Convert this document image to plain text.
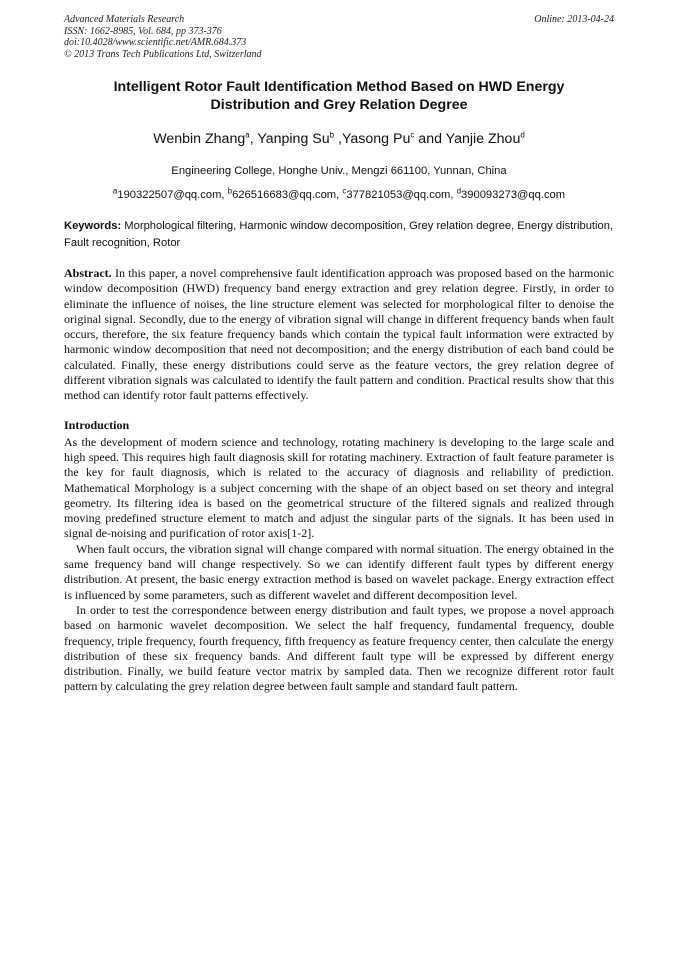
Advanced Materials Research
ISSN: 1662-8985, Vol. 684, pp 373-376
doi:10.4028/www.scientific.net/AMR.684.373
© 2013 Trans Tech Publications Ltd, Switzerland
Online: 2013-04-24
Intelligent Rotor Fault Identification Method Based on HWD Energy
Distribution and Grey Relation Degree
Wenbin Zhang$^a$, Yanping Su$^b$ ,Yasong Pu$^c$ and Yanjie Zhou$^d$
Engineering College, Honghe Univ., Mengzi 661100, Yunnan, China
$^a$190322507@qq.com, $^b$626516683@qq.com, $^c$377821053@qq.com, $^d$390093273@qq.com
Keywords: Morphological filtering, Harmonic window decomposition, Grey relation degree, Energy distribution, Fault recognition, Rotor
Abstract. In this paper, a novel comprehensive fault identification approach was proposed based on the harmonic window decomposition (HWD) frequency band energy extraction and grey relation degree. Firstly, in order to eliminate the influence of noises, the line structure element was selected for morphological filter to denoise the original signal. Secondly, due to the energy of vibration signal will change in different frequency bands when fault occurs, therefore, the six feature frequency bands which contain the typical fault information were extracted by harmonic window decomposition that need not decomposition; and the energy distribution of each band could be calculated. Finally, these energy distributions could serve as the feature vectors, the grey relation degree of different vibration signals was calculated to identify the fault pattern and condition. Practical results show that this method can identify rotor fault patterns effectively.
Introduction

As the development of modern science and technology, rotating machinery is developing to the large scale and high speed. This requires high fault diagnosis skill for rotating machinery. Extraction of fault feature parameter is the key for fault diagnosis, which is related to the accuracy of diagnosis and reliability of prediction. Mathematical Morphology is a subject concerning with the shape of an object based on set theory and integral geometry. Its filtering idea is based on the geometrical structure of the filtered signals and realized through moving predefined structure element to match and adjust the singular parts of the signals. It has been used in signal de-noising and purification of rotor axis[1-2].

When fault occurs, the vibration signal will change compared with normal situation. The energy obtained in the same frequency band will change respectively. So we can identify different fault types by different energy distribution. At present, the basic energy extraction method is based on wavelet package. Energy extraction effect is influenced by some parameters, such as different wavelet and different decomposition level.

In order to test the correspondence between energy distribution and fault types, we propose a novel approach based on harmonic wavelet decomposition. We select the half frequency, fundamental frequency, double frequency, triple frequency, fourth frequency, fifth frequency as feature frequency center, then calculate the energy distribution of these six frequency bands. And different fault type will be expressed by different energy distribution. Finally, we build feature vector matrix by sampled data. Then we recognize different rotor fault pattern by calculating the grey relation degree between fault sample and standard fault pattern.
